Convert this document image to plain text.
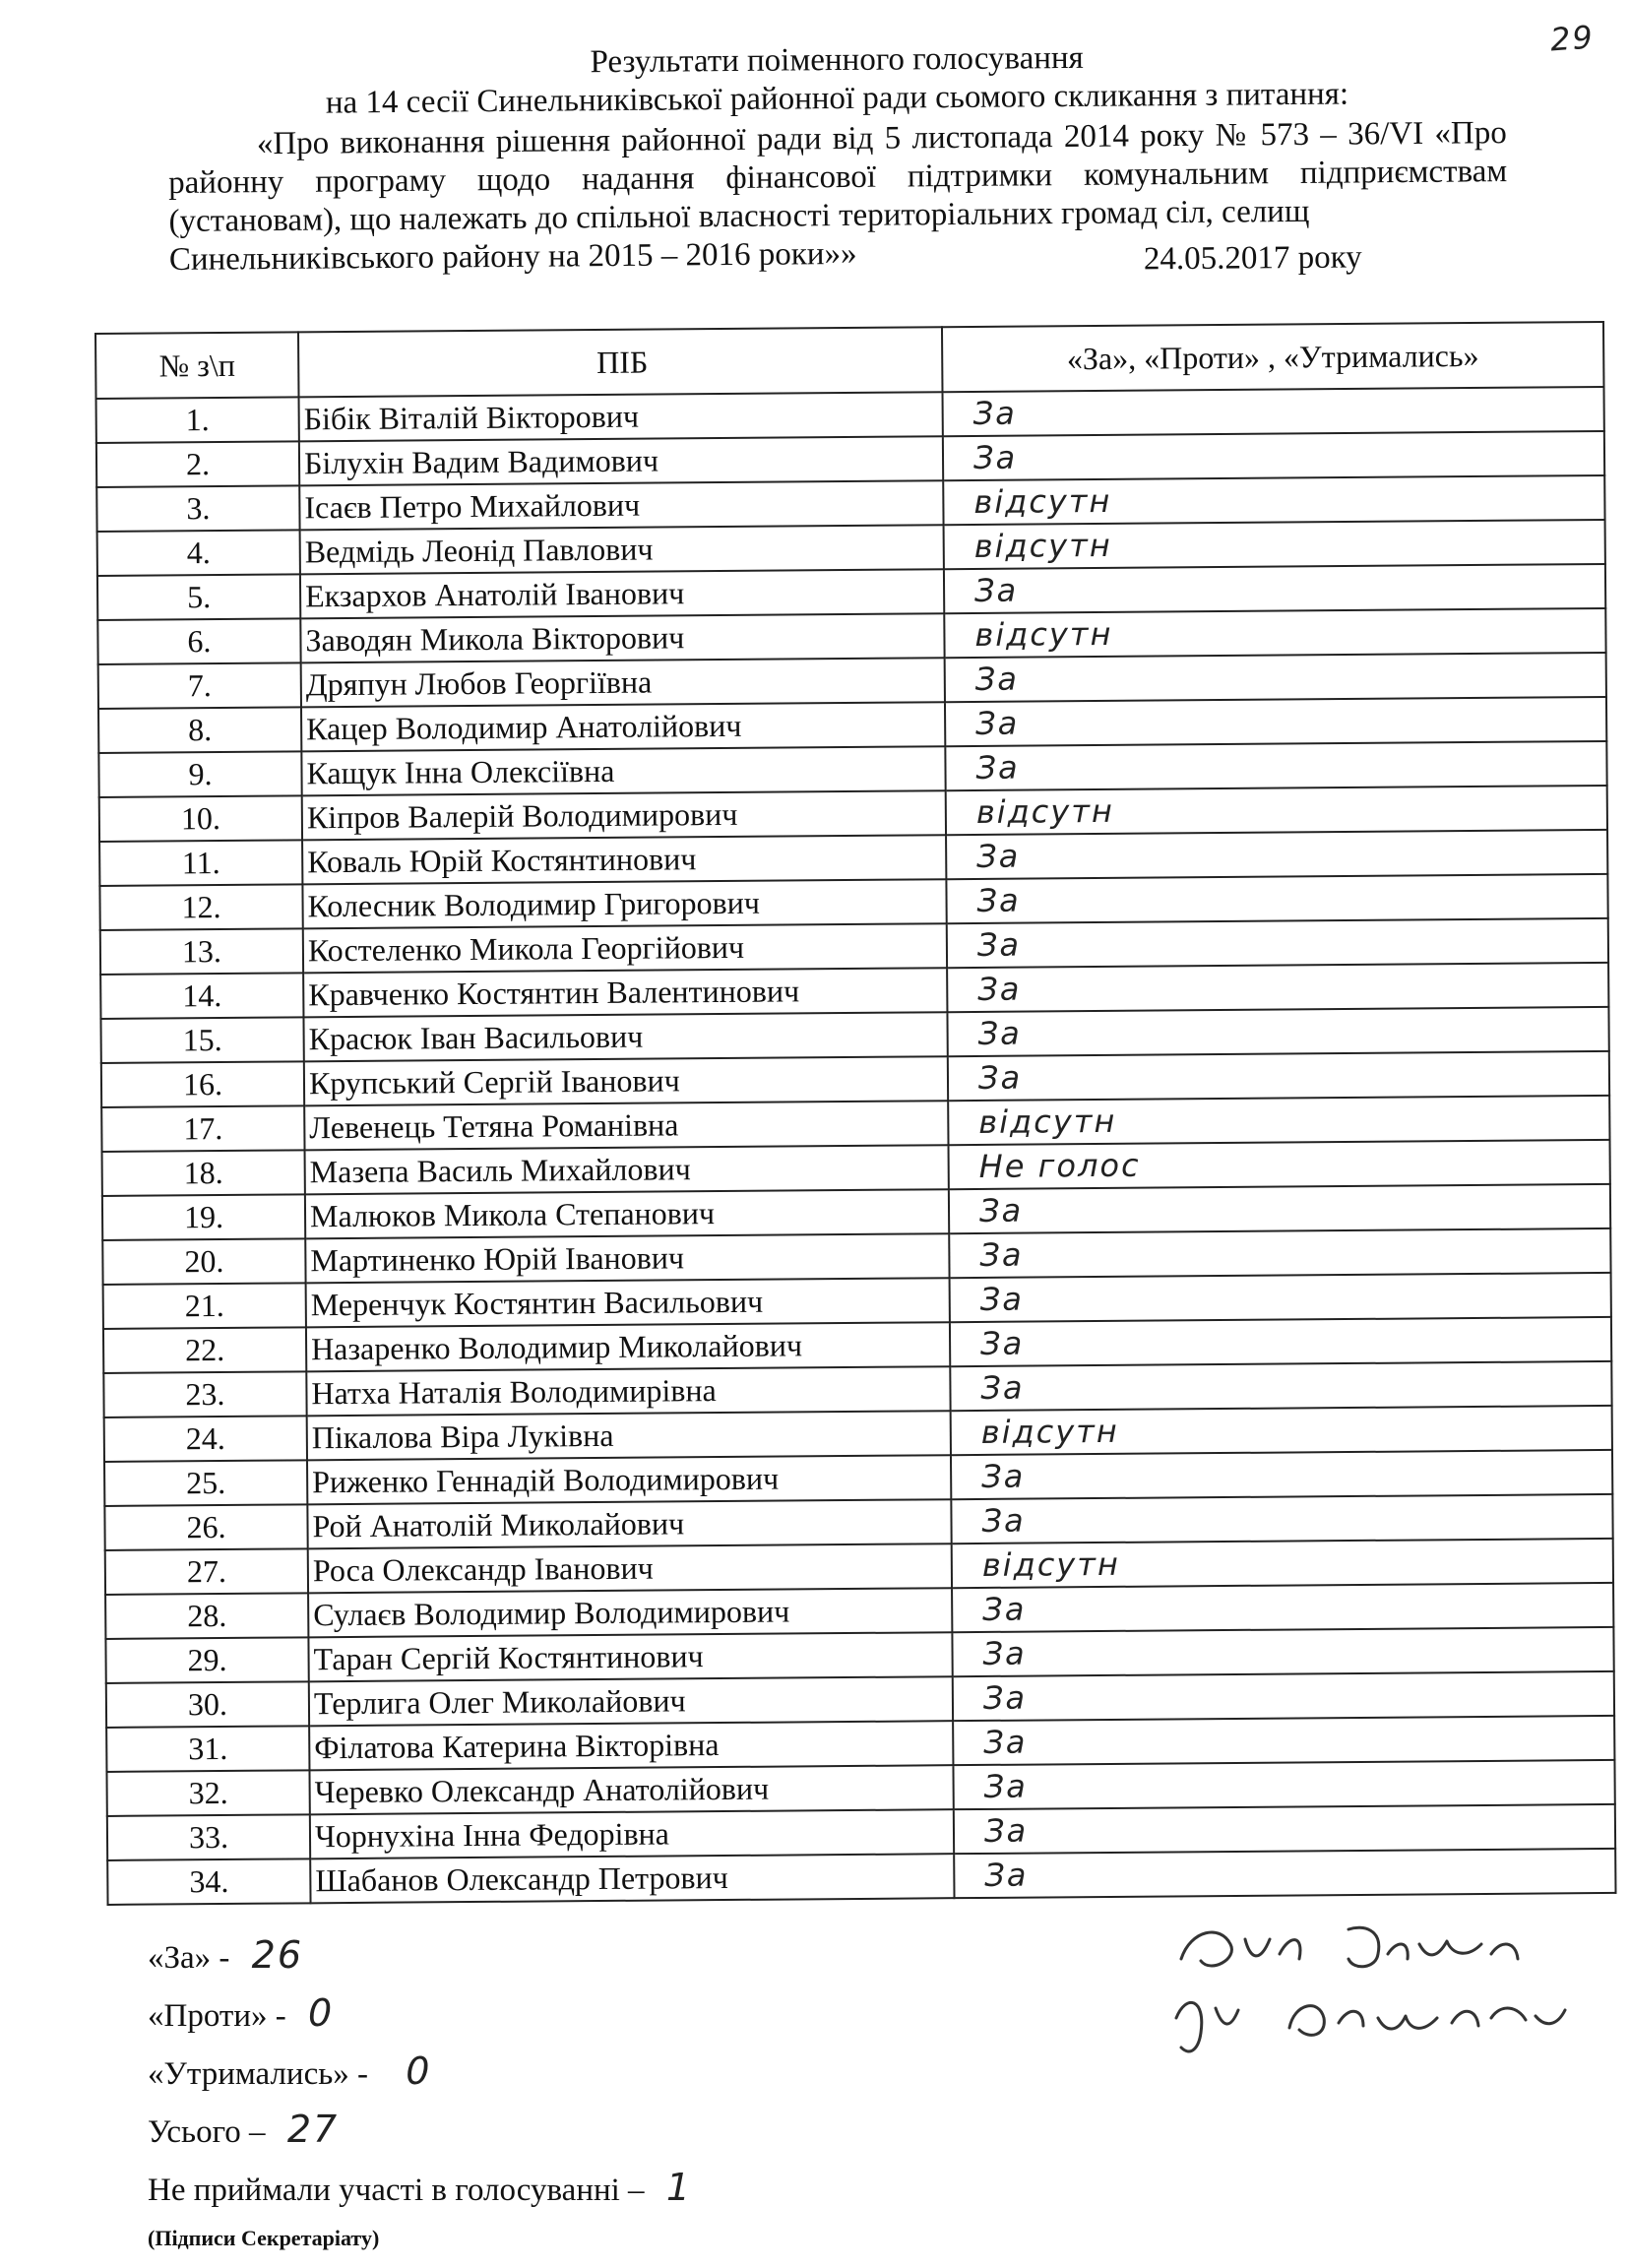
29
Результати поіменного голосування
на 14 сесії Синельниківської районної ради сьомого скликання з питання:
«Про виконання рішення районної ради від 5 листопада 2014 року № 573 – 36/VI «Про районну програму щодо надання фінансової підтримки комунальним підприємствам (установам), що належать до спільної власності територіальних громад сіл, селищ
Синельниківського району на 2015 – 2016 роки»»	24.05.2017 року
№ з\п	ПІБ	«За», «Проти» , «Утримались»
1.	Бібік Віталій Вікторович	За
2.	Білухін Вадим Вадимович	За
3.	Ісаєв Петро Михайлович	відсутн
4.	Ведмідь Леонід Павлович	відсутн
5.	Екзархов Анатолій Іванович	За
6.	Заводян Микола Вікторович	відсутн
7.	Дряпун Любов Георгіївна	За
8.	Кацер Володимир Анатолійович	За
9.	Кащук Інна Олексіївна	За
10.	Кіпров Валерій Володимирович	відсутн
11.	Коваль Юрій Костянтинович	За
12.	Колесник Володимир Григорович	За
13.	Костеленко Микола Георгійович	За
14.	Кравченко Костянтин Валентинович	За
15.	Красюк Іван Васильович	За
16.	Крупський Сергій Іванович	За
17.	Левенець Тетяна Романівна	відсутн
18.	Мазепа Василь Михайлович	Не голос
19.	Малюков Микола Степанович	За
20.	Мартиненко Юрій Іванович	За
21.	Меренчук Костянтин Васильович	За
22.	Назаренко Володимир Миколайович	За
23.	Натха Наталія Володимирівна	За
24.	Пікалова Віра Луківна	відсутн
25.	Риженко Геннадій Володимирович	За
26.	Рой Анатолій Миколайович	За
27.	Роса Олександр Іванович	відсутн
28.	Сулаєв Володимир Володимирович	За
29.	Таран Сергій Костянтинович	За
30.	Терлига Олег Миколайович	За
31.	Філатова Катерина Вікторівна	За
32.	Черевко Олександр Анатолійович	За
33.	Чорнухіна Інна Федорівна	За
34.	Шабанов Олександр Петрович	За
«За» - 26
«Проти» - 0
«Утримались» - 0
Усього – 27
Не приймали участі в голосуванні – 1
(Підписи Секретаріату)
